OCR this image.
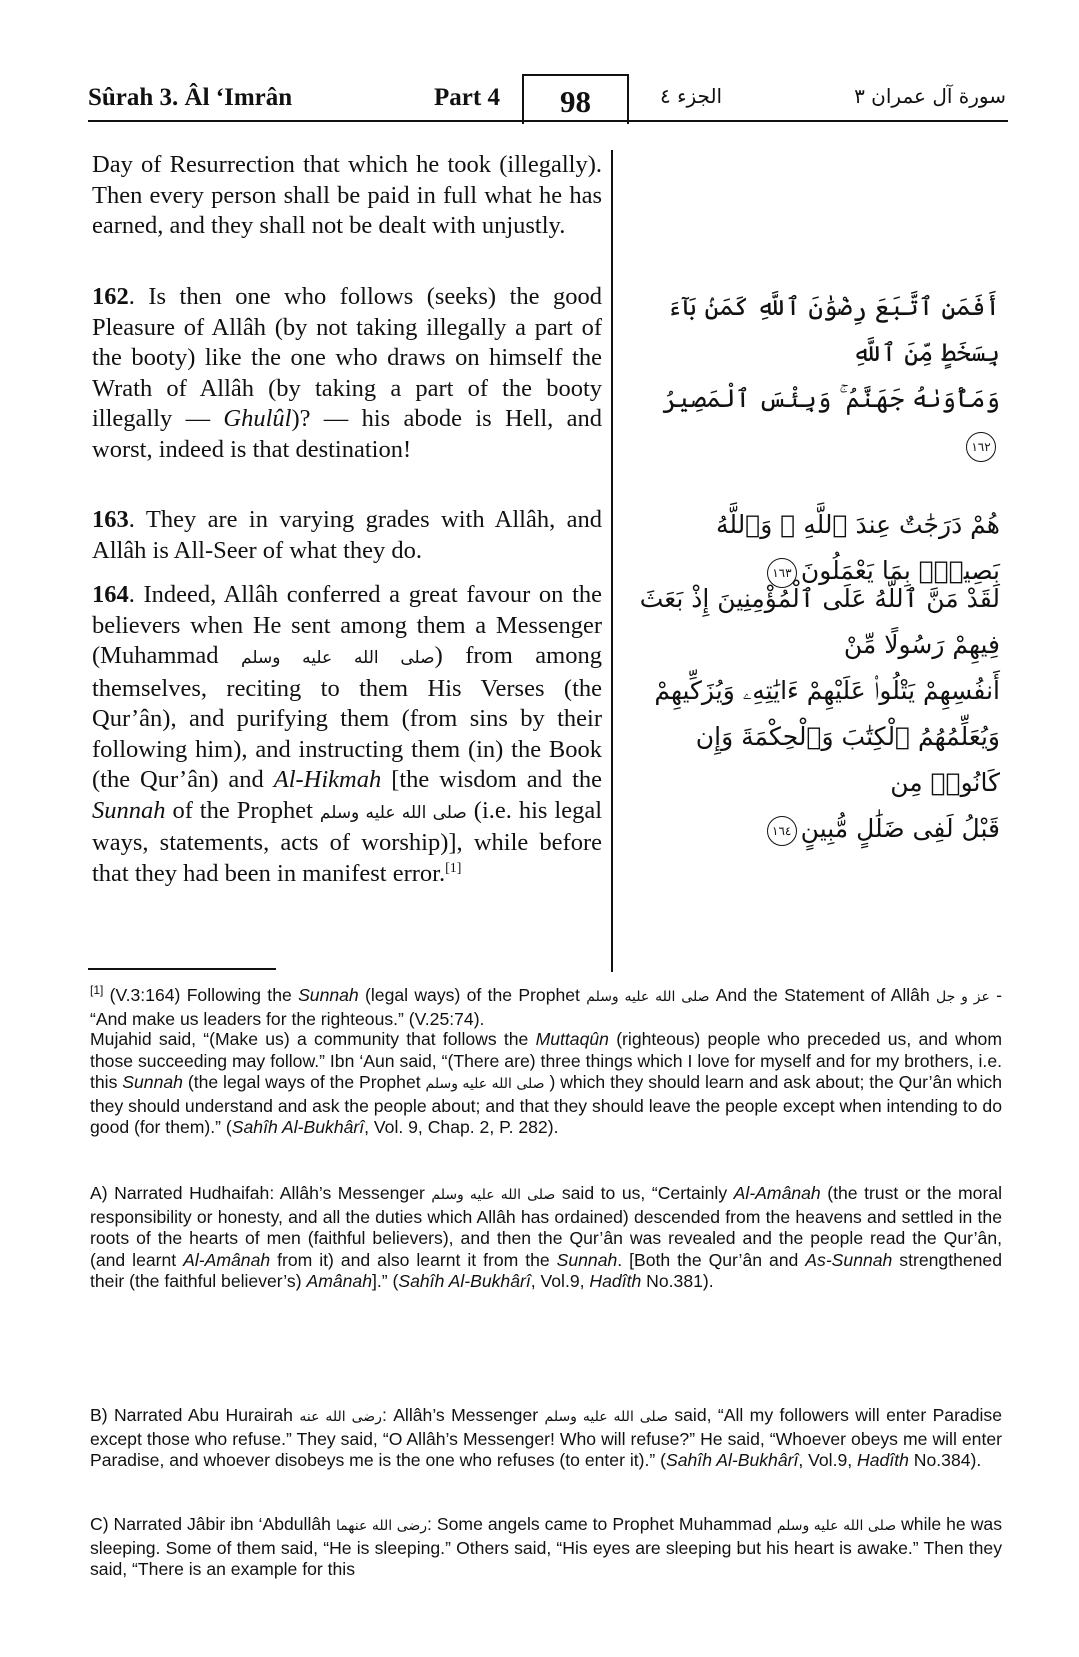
Sûrah 3. Âl ‘Imrân	Part 4	98	الجزء ٤	سورة آل عمران ٣

Day of Resurrection that which he took (illegally). Then every person shall be paid in full what he has earned, and they shall not be dealt with unjustly.

162. Is then one who follows (seeks) the good Pleasure of Allâh (by not taking illegally a part of the booty) like the one who draws on himself the Wrath of Allâh (by taking a part of the booty illegally — Ghulûl)? — his abode is Hell, and worst, indeed is that destination!

163. They are in varying grades with Allâh, and Allâh is All-Seer of what they do.

164. Indeed, Allâh conferred a great favour on the believers when He sent among them a Messenger (Muhammad صلى الله عليه وسلم) from among themselves, reciting to them His Verses (the Qur’ân), and purifying them (from sins by their following him), and instructing them (in) the Book (the Qur’ân) and Al-Hikmah [the wisdom and the Sunnah of the Prophet صلى الله عليه وسلم (i.e. his legal ways, statements, acts of worship)], while before that they had been in manifest error.[1]

أَفَمَنِ ٱتَّبَعَ رِضْوَٰنَ ٱللَّهِ كَمَنۢ بَآءَ بِسَخَطٍ مِّنَ ٱللَّهِ

وَمَأْوَىٰهُ جَهَنَّمُ ۚ وَبِئْسَ ٱلْمَصِيرُ١٦٢

هُمْ دَرَجَٰتٌ عِندَ ٱللَّهِ ۗ وَٱللَّهُ بَصِيرٌۢ بِمَا يَعْمَلُونَ١٦٣

لَقَدْ مَنَّ ٱللَّهُ عَلَى ٱلْمُؤْمِنِينَ إِذْ بَعَثَ فِيهِمْ رَسُولًا مِّنْ

أَنفُسِهِمْ يَتْلُوا۟ عَلَيْهِمْ ءَايَٰتِهِۦ وَيُزَكِّيهِمْ

وَيُعَلِّمُهُمُ ٱلْكِتَٰبَ وَٱلْحِكْمَةَ وَإِن كَانُوا۟ مِن

قَبْلُ لَفِى ضَلَٰلٍ مُّبِينٍ١٦٤

[1] (V.3:164) Following the Sunnah (legal ways) of the Prophet صلى الله عليه وسلم And the Statement of Allâh عز و جل - “And make us leaders for the righteous.” (V.25:74).

Mujahid said, “(Make us) a community that follows the Muttaqûn (righteous) people who preceded us, and whom those succeeding may follow.” Ibn ‘Aun said, “(There are) three things which I love for myself and for my brothers, i.e. this Sunnah (the legal ways of the Prophet صلى الله عليه وسلم ) which they should learn and ask about; the Qur’ân which they should understand and ask the people about; and that they should leave the people except when intending to do good (for them).” (Sahîh Al-Bukhârî, Vol. 9, Chap. 2, P. 282).

A) Narrated Hudhaifah: Allâh’s Messenger صلى الله عليه وسلم said to us, “Certainly Al-Amânah (the trust or the moral responsibility or honesty, and all the duties which Allâh has ordained) descended from the heavens and settled in the roots of the hearts of men (faithful believers), and then the Qur’ân was revealed and the people read the Qur’ân, (and learnt Al-Amânah from it) and also learnt it from the Sunnah. [Both the Qur’ân and As-Sunnah strengthened their (the faithful believer’s) Amânah].” (Sahîh Al-Bukhârî, Vol.9, Hadîth No.381).

B) Narrated Abu Hurairah رضى الله عنه: Allâh’s Messenger صلى الله عليه وسلم said, “All my followers will enter Paradise except those who refuse.” They said, “O Allâh’s Messenger! Who will refuse?” He said, “Whoever obeys me will enter Paradise, and whoever disobeys me is the one who refuses (to enter it).” (Sahîh Al-Bukhârî, Vol.9, Hadîth No.384).

C) Narrated Jâbir ibn ‘Abdullâh رضى الله عنهما: Some angels came to Prophet Muhammad صلى الله عليه وسلم while he was sleeping. Some of them said, “He is sleeping.” Others said, “His eyes are sleeping but his heart is awake.” Then they said, “There is an example for this
